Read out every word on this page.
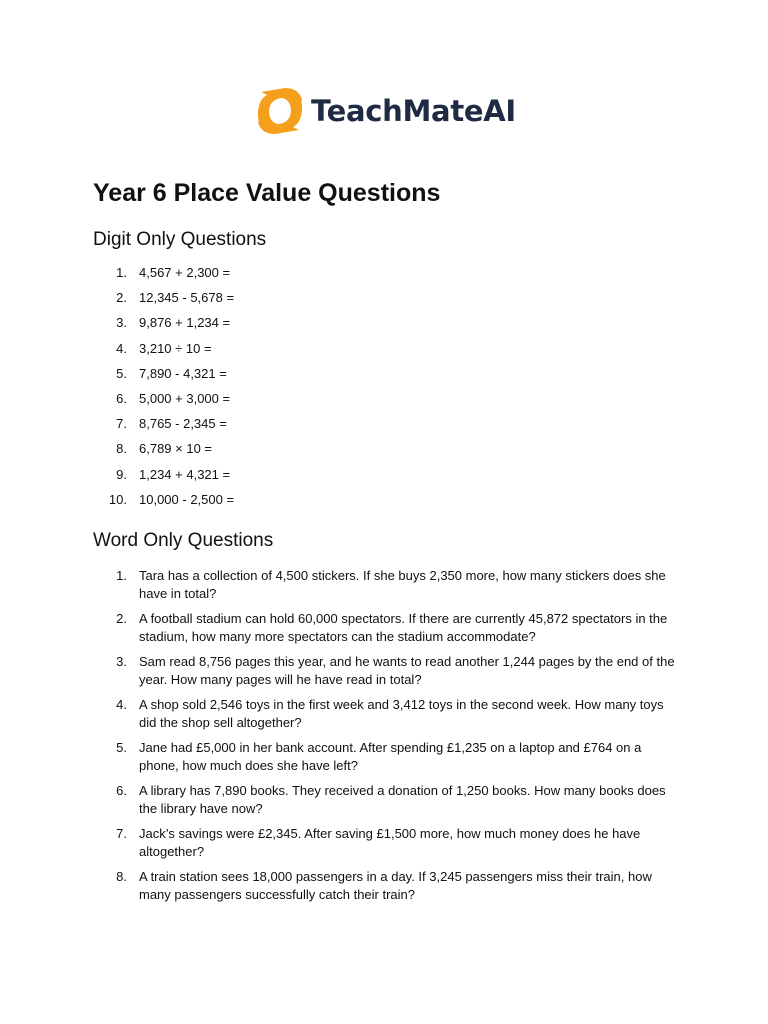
TeachMateAI
Year 6 Place Value Questions
Digit Only Questions
1. 4,567 + 2,300 =
2. 12,345 - 5,678 =
3. 9,876 + 1,234 =
4. 3,210 ÷ 10 =
5. 7,890 - 4,321 =
6. 5,000 + 3,000 =
7. 8,765 - 2,345 =
8. 6,789 × 10 =
9. 1,234 + 4,321 =
10. 10,000 - 2,500 =
Word Only Questions
1. Tara has a collection of 4,500 stickers. If she buys 2,350 more, how many stickers does she have in total?
2. A football stadium can hold 60,000 spectators. If there are currently 45,872 spectators in the stadium, how many more spectators can the stadium accommodate?
3. Sam read 8,756 pages this year, and he wants to read another 1,244 pages by the end of the year. How many pages will he have read in total?
4. A shop sold 2,546 toys in the first week and 3,412 toys in the second week. How many toys did the shop sell altogether?
5. Jane had £5,000 in her bank account. After spending £1,235 on a laptop and £764 on a phone, how much does she have left?
6. A library has 7,890 books. They received a donation of 1,250 books. How many books does the library have now?
7. Jack’s savings were £2,345. After saving £1,500 more, how much money does he have altogether?
8. A train station sees 18,000 passengers in a day. If 3,245 passengers miss their train, how many passengers successfully catch their train?
